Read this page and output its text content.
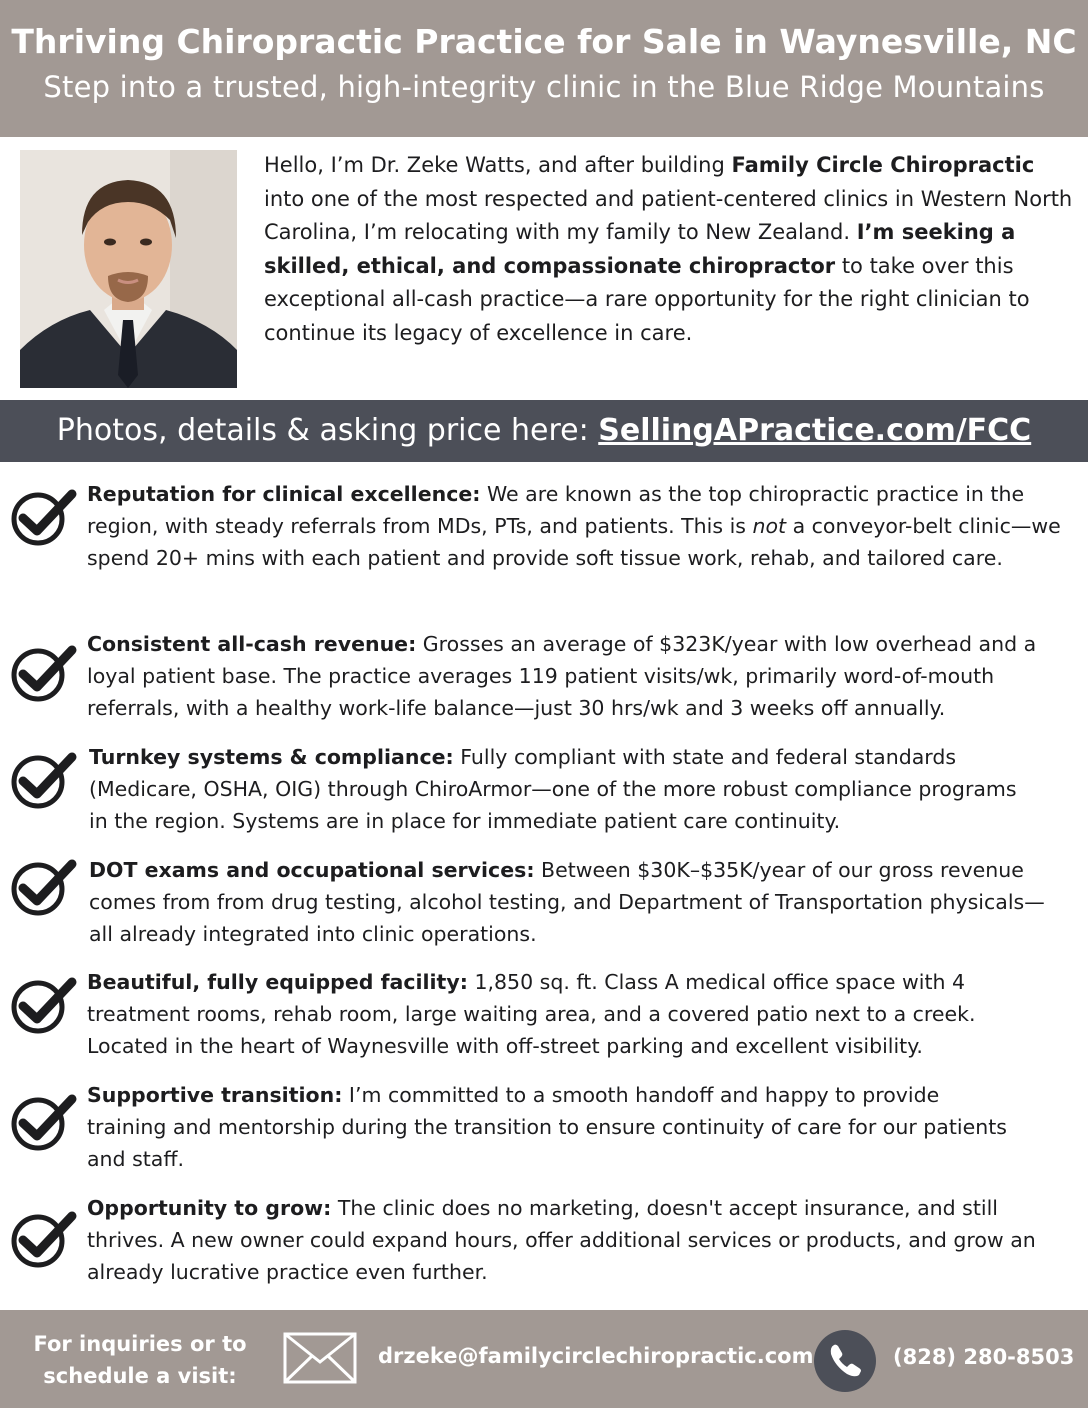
Thriving Chiropractic Practice for Sale in Waynesville, NC
Step into a trusted, high-integrity clinic in the Blue Ridge Mountains
Hello, I’m Dr. Zeke Watts, and after building Family Circle Chiropractic into one of the most respected and patient-centered clinics in Western North Carolina, I’m relocating with my family to New Zealand. I’m seeking a skilled, ethical, and compassionate chiropractor to take over this exceptional all-cash practice—a rare opportunity for the right clinician to continue its legacy of excellence in care.
Photos, details & asking price here: SellingAPractice.com/FCC
Reputation for clinical excellence: We are known as the top chiropractic practice in the region, with steady referrals from MDs, PTs, and patients. This is not a conveyor-belt clinic—we spend 20+ mins with each patient and provide soft tissue work, rehab, and tailored care.
Consistent all-cash revenue: Grosses an average of $323K/year with low overhead and a loyal patient base. The practice averages 119 patient visits/wk, primarily word-of-mouth referrals, with a healthy work-life balance—just 30 hrs/wk and 3 weeks off annually.
Turnkey systems & compliance: Fully compliant with state and federal standards (Medicare, OSHA, OIG) through ChiroArmor—one of the more robust compliance programs in the region. Systems are in place for immediate patient care continuity.
DOT exams and occupational services: Between $30K–$35K/year of our gross revenue comes from from drug testing, alcohol testing, and Department of Transportation physicals—all already integrated into clinic operations.
Beautiful, fully equipped facility: 1,850 sq. ft. Class A medical office space with 4 treatment rooms, rehab room, large waiting area, and a covered patio next to a creek. Located in the heart of Waynesville with off-street parking and excellent visibility.
Supportive transition: I’m committed to a smooth handoff and happy to provide training and mentorship during the transition to ensure continuity of care for our patients and staff.
Opportunity to grow: The clinic does no marketing, doesn't accept insurance, and still thrives. A new owner could expand hours, offer additional services or products, and grow an already lucrative practice even further.
For inquiries or to
schedule a visit:
drzeke@familycirclechiropractic.com	(828) 280-8503
